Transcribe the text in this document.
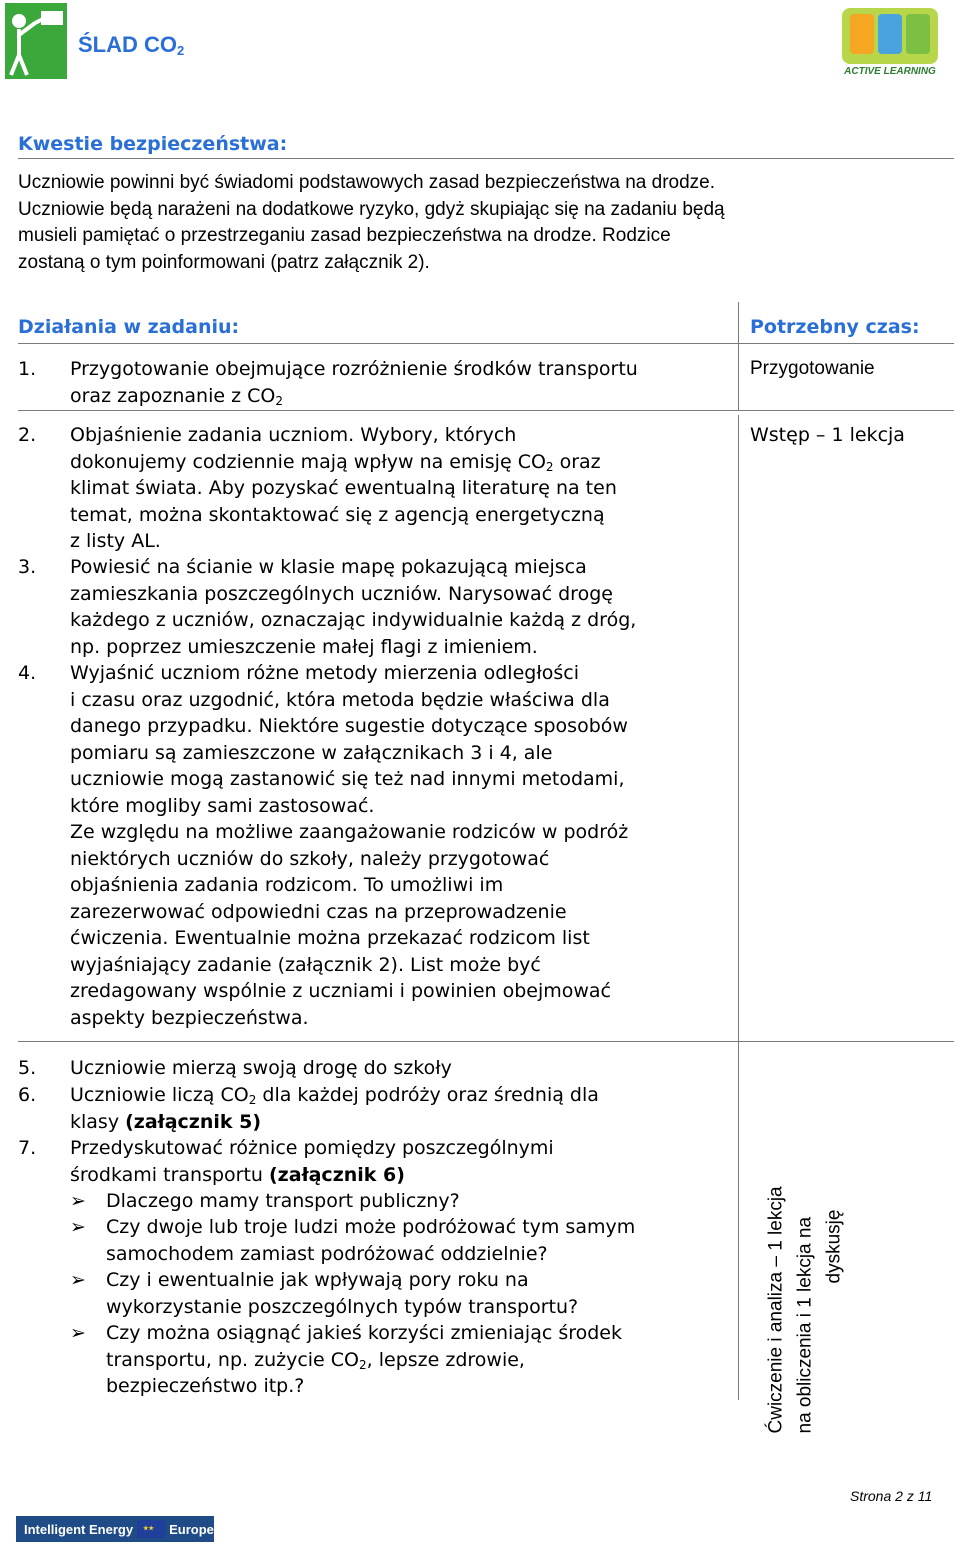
ŚLAD $CO_2$
ACTIVE LEARNING
Kwestie bezpieczeństwa:
Uczniowie powinni być świadomi podstawowych zasad bezpieczeństwa na drodze.
Uczniowie będą narażeni na dodatkowe ryzyko, gdyż skupiając się na zadaniu będą
musieli pamiętać o przestrzeganiu zasad bezpieczeństwa na drodze. Rodzice
zostaną o tym poinformowani (patrz załącznik 2).
Działania w zadaniu:	Potrzebny czas:
1. Przygotowanie obejmujące rozróżnienie środków transportu
oraz zapoznanie z $CO_2$
Przygotowanie
2. Objaśnienie zadania uczniom. Wybory, których
dokonujemy codziennie mają wpływ na emisję $CO_2$ oraz
klimat świata. Aby pozyskać ewentualną literaturę na ten
temat, można skontaktować się z agencją energetyczną
z listy AL.
Wstęp – 1 lekcja
3. Powiesić na ścianie w klasie mapę pokazującą miejsca
zamieszkania poszczególnych uczniów. Narysować drogę
każdego z uczniów, oznaczając indywidualnie każdą z dróg,
np. poprzez umieszczenie małej flagi z imieniem.
4. Wyjaśnić uczniom różne metody mierzenia odległości
i czasu oraz uzgodnić, która metoda będzie właściwa dla
danego przypadku. Niektóre sugestie dotyczące sposobów
pomiaru są zamieszczone w załącznikach 3 i 4, ale
uczniowie mogą zastanowić się też nad innymi metodami,
które mogliby sami zastosować.
Ze względu na możliwe zaangażowanie rodziców w podróż
niektórych uczniów do szkoły, należy przygotować
objaśnienia zadania rodzicom. To umożliwi im
zarezerwować odpowiedni czas na przeprowadzenie
ćwiczenia. Ewentualnie można przekazać rodzicom list
wyjaśniający zadanie (załącznik 2). List może być
zredagowany wspólnie z uczniami i powinien obejmować
aspekty bezpieczeństwa.
5. Uczniowie mierzą swoją drogę do szkoły
6. Uczniowie liczą $CO_2$ dla każdej podróży oraz średnią dla
klasy (załącznik 5)
7. Przedyskutować różnice pomiędzy poszczególnymi
środkami transportu (załącznik 6)
➢ Dlaczego mamy transport publiczny?
➢ Czy dwoje lub troje ludzi może podróżować tym samym
samochodem zamiast podróżować oddzielnie?
➢ Czy i ewentualnie jak wpływają pory roku na
wykorzystanie poszczególnych typów transportu?
➢ Czy można osiągnąć jakieś korzyści zmieniając środek
transportu, np. zużycie $CO_2$, lepsze zdrowie,
bezpieczeństwo itp.?	Ćwiczenie i analiza – 1 lekcja na obliczenia i 1 lekcja na dyskusję
Strona 2 z 11
Intelligent Energy
★★	Europe
